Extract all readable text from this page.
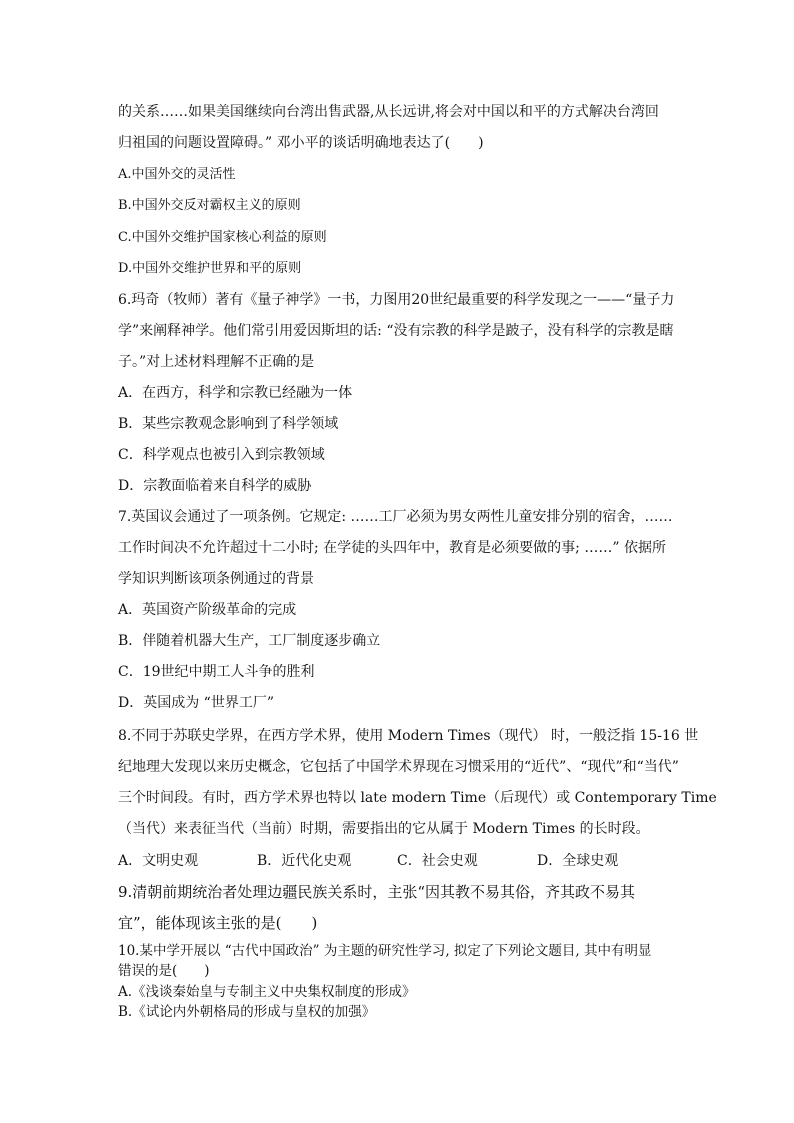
的关系……如果美国继续向台湾出售武器,从长远讲,将会对中国以和平的方式解决台湾回
归祖国的问题设置障碍。” 邓小平的谈话明确地表达了(　　)
A.中国外交的灵活性
B.中国外交反对霸权主义的原则
C.中国外交维护国家核心利益的原则
D.中国外交维护世界和平的原则
6.玛奇（牧师）著有《量子神学》一书，力图用20世纪最重要的科学发现之一——“量子力
学”来阐释神学。他们常引用爱因斯坦的话: “没有宗教的科学是跛子，没有科学的宗教是瞎
子。”对上述材料理解不正确的是
A．在西方，科学和宗教已经融为一体
B．某些宗教观念影响到了科学领域
C．科学观点也被引入到宗教领域
D．宗教面临着来自科学的威胁
7.英国议会通过了一项条例。它规定: ……工厂必须为男女两性儿童安排分别的宿舍，……
工作时间决不允许超过十二小时; 在学徒的头四年中，教育是必须要做的事; ……” 依据所
学知识判断该项条例通过的背景
A．英国资产阶级革命的完成
B．伴随着机器大生产，工厂制度逐步确立
C．19世纪中期工人斗争的胜利
D．英国成为 “世界工厂”
8.不同于苏联史学界，在西方学术界，使用 Modern Times（现代） 时，一般泛指 15-16 世
纪地理大发现以来历史概念，它包括了中国学术界现在习惯采用的“近代”、“现代”和“当代”
三个时间段。有时，西方学术界也特以 late modern Time（后现代）或 Contemporary Time
（当代）来表征当代（当前）时期，需要指出的它从属于 Modern Times 的长时段。
A．文明史观	B．近代化史观	C．社会史观	D．全球史观
9.清朝前期统治者处理边疆民族关系时，主张“因其教不易其俗，齐其政不易其
宜”，能体现该主张的是(　　)
10.某中学开展以 “古代中国政治” 为主题的研究性学习, 拟定了下列论文题目, 其中有明显
错误的是(　　)
A.《浅谈秦始皇与专制主义中央集权制度的形成》
B.《试论内外朝格局的形成与皇权的加强》
